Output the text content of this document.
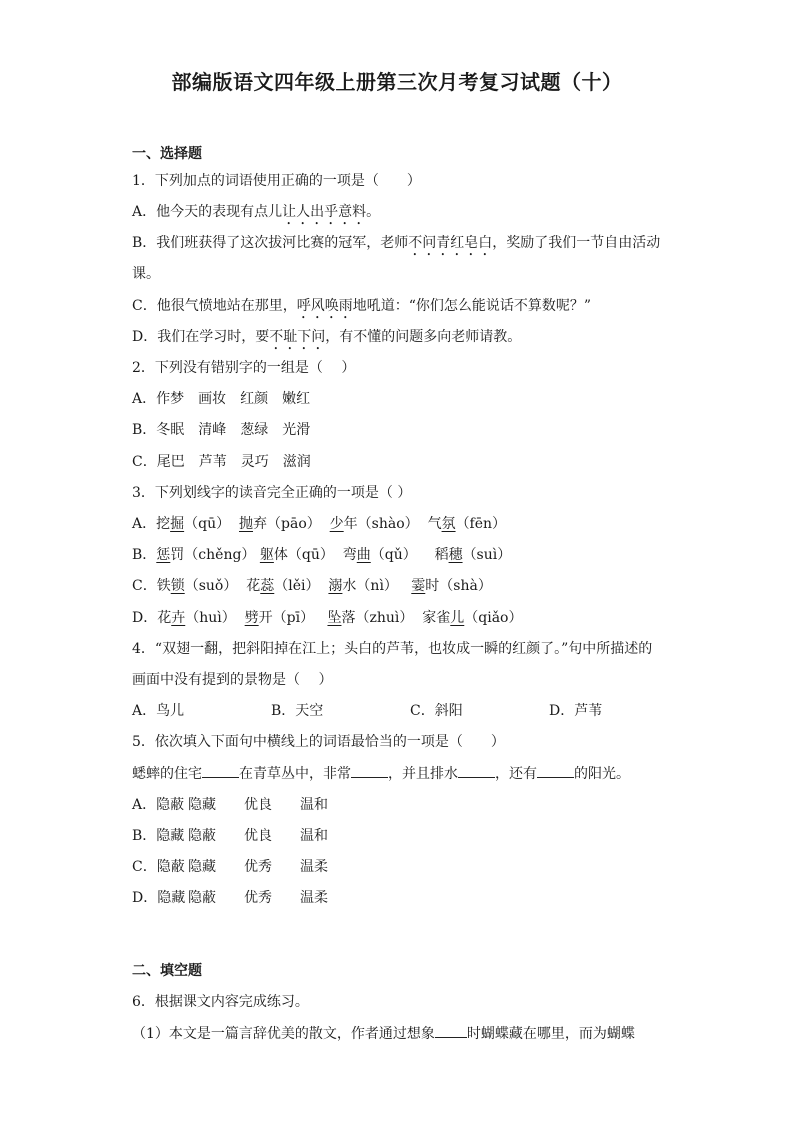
部编版语文四年级上册第三次月考复习试题（十）
一、选择题
1．下列加点的词语使用正确的一项是（　　）
A．他今天的表现有点儿让人出乎意料。
B．我们班获得了这次拔河比赛的冠军，老师不问青红皂白，奖励了我们一节自由活动
课。
C．他很气愤地站在那里，呼风唤雨地吼道：“你们怎么能说话不算数呢？”
D．我们在学习时，要不耻下问，有不懂的问题多向老师请教。
2．下列没有错别字的一组是（　 ）
A．作梦 画妆 红颜 嫩红
B．冬眠 清峰 葱绿 光滑
C．尾巴 芦苇 灵巧 滋润
3．下列划线字的读音完全正确的一项是（ ）
A．挖掘（qū） 抛弃（pāo） 少年（shào） 气氛（fēn）
B．惩罚（chěng） 躯体（qū） 弯曲（qǔ） 稻穗（suì）
C．铁锁（suǒ） 花蕊（lěi） 溺水（nì） 霎时（shà）
D．花卉（huì） 劈开（pī） 坠落（zhuì） 家雀儿（qiǎo）
4．“双翅一翻，把斜阳掉在江上；头白的芦苇，也妆成一瞬的红颜了。”句中所描述的
画面中没有提到的景物是（　 ）
A．鸟儿	B．天空	C．斜阳	D．芦苇
5．依次填入下面句中横线上的词语最恰当的一项是（　　）
蟋蟀的住宅	在青草丛中，非常	，并且排水	，还有	的阳光。
A．隐蔽 隐藏 优良 温和
B．隐藏 隐蔽 优良 温和
C．隐蔽 隐藏 优秀 温柔
D．隐藏 隐蔽 优秀 温柔
二、填空题
6．根据课文内容完成练习。
（1）本文是一篇言辞优美的散文，作者通过想象 时蝴蝶藏在哪里，而为蝴蝶
